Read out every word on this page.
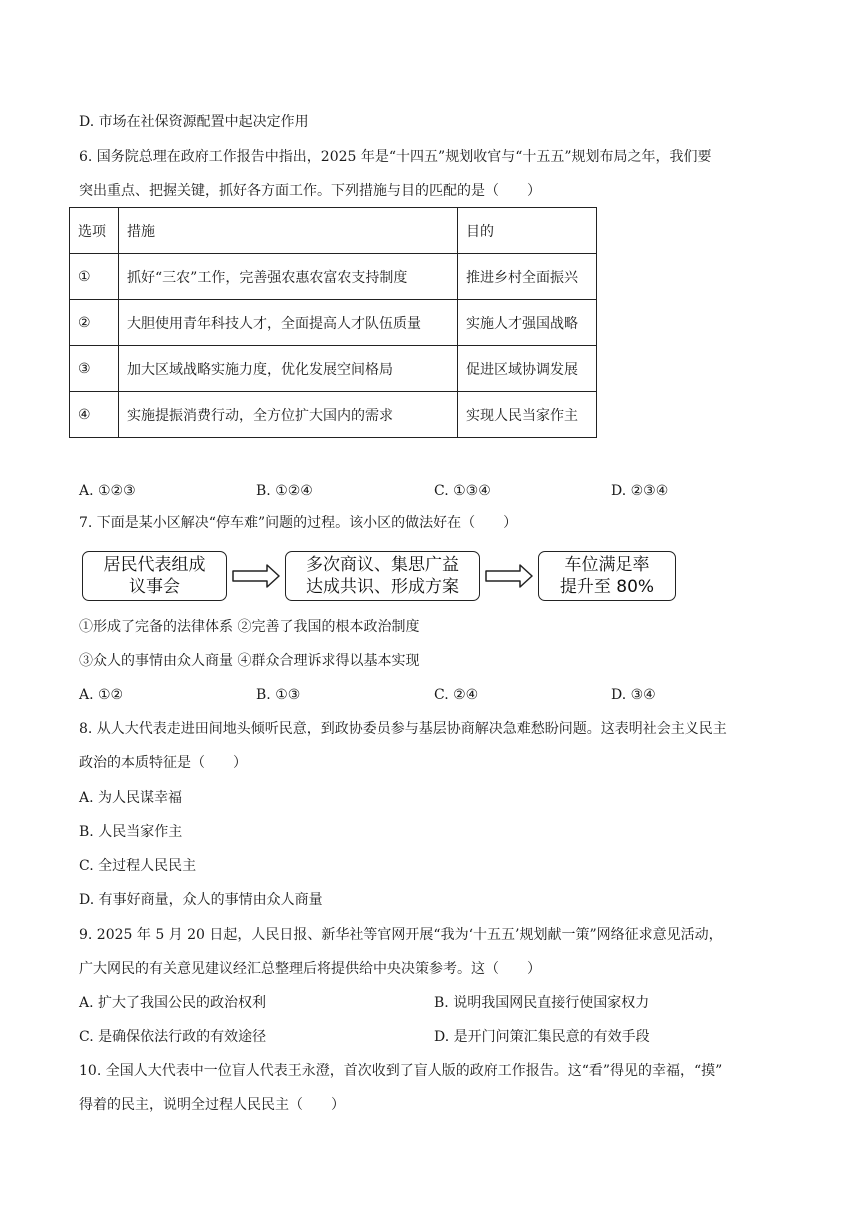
D. 市场在社保资源配置中起决定作用
6. 国务院总理在政府工作报告中指出，2025 年是“十四五”规划收官与“十五五”规划布局之年，我们要
突出重点、把握关键，抓好各方面工作。下列措施与目的匹配的是（　　）
选项	措施	目的
①	抓好“三农”工作，完善强农惠农富农支持制度	推进乡村全面振兴
②	大胆使用青年科技人才，全面提高人才队伍质量	实施人才强国战略
③	加大区域战略实施力度，优化发展空间格局	促进区域协调发展
④	实施提振消费行动，全方位扩大国内的需求	实现人民当家作主
A. ①②③	B. ①②④	C. ①③④	D. ②③④
7. 下面是某小区解决“停车难”问题的过程。该小区的做法好在（　　）
居民代表组成
议事会
多次商议、集思广益
达成共识、形成方案
车位满足率
提升至 80%
①形成了完备的法律体系 ②完善了我国的根本政治制度
③众人的事情由众人商量 ④群众合理诉求得以基本实现
A. ①②	B. ①③	C. ②④	D. ③④
8. 从人大代表走进田间地头倾听民意，到政协委员参与基层协商解决急难愁盼问题。这表明社会主义民主
政治的本质特征是（　　）
A. 为人民谋幸福
B. 人民当家作主
C. 全过程人民民主
D. 有事好商量，众人的事情由众人商量
9. 2025 年 5 月 20 日起，人民日报、新华社等官网开展“我为‘十五五’规划献一策”网络征求意见活动，
广大网民的有关意见建议经汇总整理后将提供给中央决策参考。这（　　）
A. 扩大了我国公民的政治权利	B. 说明我国网民直接行使国家权力
C. 是确保依法行政的有效途径	D. 是开门问策汇集民意的有效手段
10. 全国人大代表中一位盲人代表王永澄，首次收到了盲人版的政府工作报告。这“看”得见的幸福，“摸”
得着的民主，说明全过程人民民主（　　）
